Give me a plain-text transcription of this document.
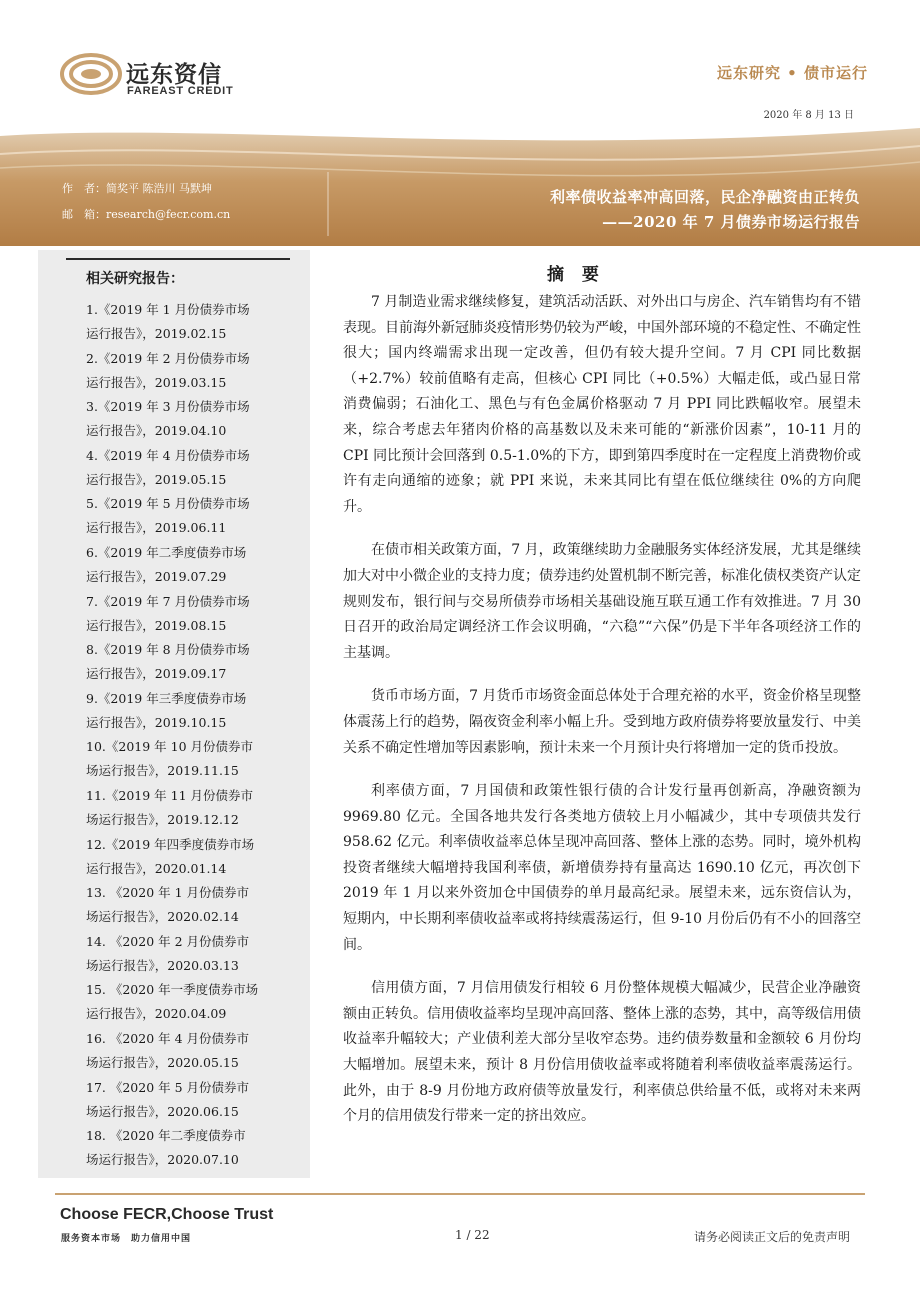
远东资信
FAREAST CREDIT
远东研究 • 债市运行
2020 年 8 月 13 日
作　者：简奖平 陈浩川 马默坤
邮　箱：research@fecr.com.cn
利率债收益率冲高回落，民企净融资由正转负
——2020 年 7 月债券市场运行报告
相关研究报告：
1.《2019 年 1 月份债券市场
运行报告》，2019.02.15
2.《2019 年 2 月份债券市场
运行报告》，2019.03.15
3.《2019 年 3 月份债券市场
运行报告》，2019.04.10
4.《2019 年 4 月份债券市场
运行报告》，2019.05.15
5.《2019 年 5 月份债券市场
运行报告》，2019.06.11
6.《2019 年二季度债券市场
运行报告》，2019.07.29
7.《2019 年 7 月份债券市场
运行报告》，2019.08.15
8.《2019 年 8 月份债券市场
运行报告》，2019.09.17
9.《2019 年三季度债券市场
运行报告》，2019.10.15
10.《2019 年 10 月份债券市
场运行报告》，2019.11.15
11.《2019 年 11 月份债券市
场运行报告》，2019.12.12
12.《2019 年四季度债券市场
运行报告》，2020.01.14
13. 《2020 年 1 月份债券市
场运行报告》，2020.02.14
14. 《2020 年 2 月份债券市
场运行报告》，2020.03.13
15. 《2020 年一季度债券市场
运行报告》，2020.04.09
16. 《2020 年 4 月份债券市
场运行报告》，2020.05.15
17. 《2020 年 5 月份债券市
场运行报告》，2020.06.15
18. 《2020 年二季度债券市
场运行报告》，2020.07.10
摘 要

7 月制造业需求继续修复，建筑活动活跃、对外出口与房企、汽车销售均有不错表现。目前海外新冠肺炎疫情形势仍较为严峻，中国外部环境的不稳定性、不确定性很大；国内终端需求出现一定改善，但仍有较大提升空间。7 月 CPI 同比数据（+2.7%）较前值略有走高，但核心 CPI 同比（+0.5%）大幅走低，或凸显日常消费偏弱；石油化工、黑色与有色金属价格驱动 7 月 PPI 同比跌幅收窄。展望未来，综合考虑去年猪肉价格的高基数以及未来可能的“新涨价因素”，10-11 月的 CPI 同比预计会回落到 0.5-1.0%的下方，即到第四季度时在一定程度上消费物价或许有走向通缩的迹象；就 PPI 来说，未来其同比有望在低位继续往 0%的方向爬升。

在债市相关政策方面，7 月，政策继续助力金融服务实体经济发展，尤其是继续加大对中小微企业的支持力度；债券违约处置机制不断完善，标准化债权类资产认定规则发布，银行间与交易所债券市场相关基础设施互联互通工作有效推进。7 月 30 日召开的政治局定调经济工作会议明确，“六稳”“六保”仍是下半年各项经济工作的主基调。

货币市场方面，7 月货币市场资金面总体处于合理充裕的水平，资金价格呈现整体震荡上行的趋势，隔夜资金利率小幅上升。受到地方政府债券将要放量发行、中美关系不确定性增加等因素影响，预计未来一个月预计央行将增加一定的货币投放。

利率债方面，7 月国债和政策性银行债的合计发行量再创新高，净融资额为 9969.80 亿元。全国各地共发行各类地方债较上月小幅减少，其中专项债共发行 958.62 亿元。利率债收益率总体呈现冲高回落、整体上涨的态势。同时，境外机构投资者继续大幅增持我国利率债，新增债券持有量高达 1690.10 亿元，再次创下 2019 年 1 月以来外资加仓中国债券的单月最高纪录。展望未来，远东资信认为，短期内，中长期利率债收益率或将持续震荡运行，但 9-10 月份后仍有不小的回落空间。

信用债方面，7 月信用债发行相较 6 月份整体规模大幅减少，民营企业净融资额由正转负。信用债收益率均呈现冲高回落、整体上涨的态势，其中，高等级信用债收益率升幅较大；产业债利差大部分呈收窄态势。违约债券数量和金额较 6 月份均大幅增加。展望未来，预计 8 月份信用债收益率或将随着利率债收益率震荡运行。此外，由于 8-9 月份地方政府债等放量发行，利率债总供给量不低，或将对未来两个月的信用债发行带来一定的挤出效应。

Choose FECR,Choose Trust
服务资本市场　助力信用中国	1 / 22	请务必阅读正文后的免责声明
